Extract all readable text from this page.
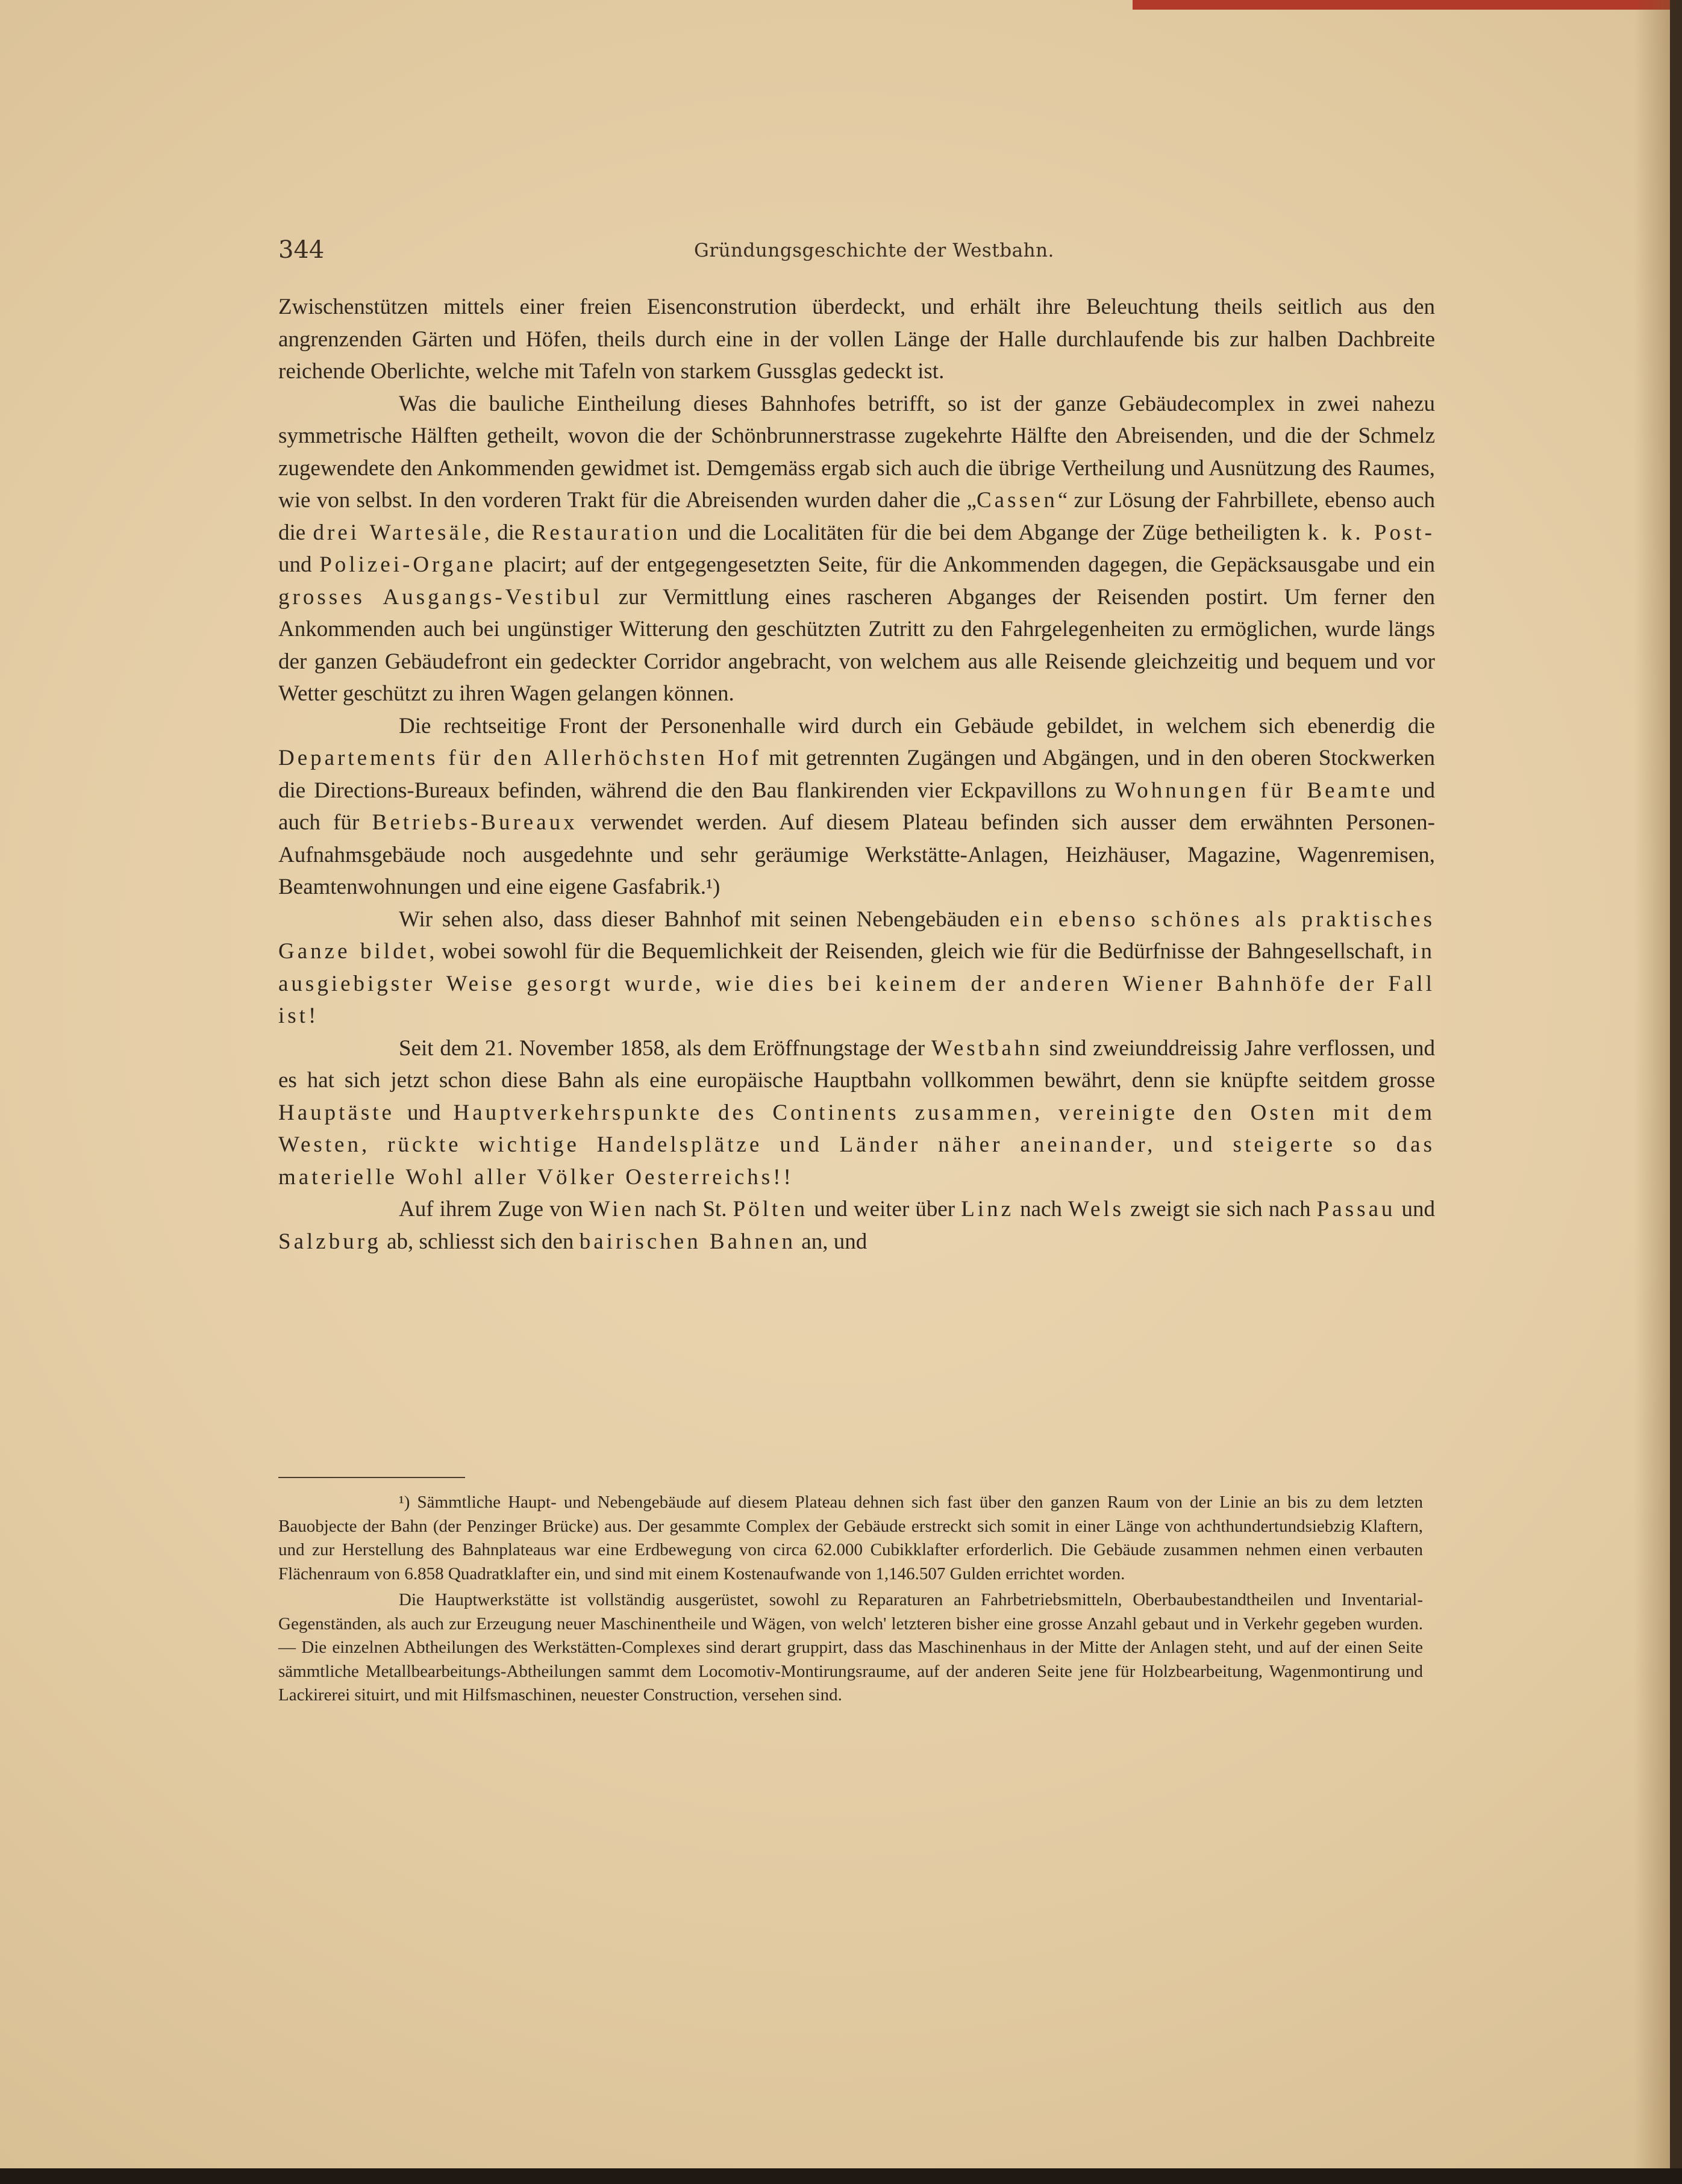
344	Gründungsgeschichte der Westbahn.

Zwischenstützen mittels einer freien Eisenconstrution überdeckt, und erhält ihre Beleuchtung theils seitlich aus den angrenzenden Gärten und Höfen, theils durch eine in der vollen Länge der Halle durchlaufende bis zur halben Dachbreite reichende Oberlichte, welche mit Tafeln von starkem Gussglas gedeckt ist.

Was die bauliche Eintheilung dieses Bahnhofes betrifft, so ist der ganze Gebäudecomplex in zwei nahezu symmetrische Hälften getheilt, wovon die der Schönbrunnerstrasse zugekehrte Hälfte den Abreisenden, und die der Schmelz zugewendete den Ankommenden gewidmet ist. Demgemäss ergab sich auch die übrige Vertheilung und Ausnützung des Raumes, wie von selbst. In den vorderen Trakt für die Abreisenden wurden daher die „Cassen“ zur Lösung der Fahrbillete, ebenso auch die drei Wartesäle, die Restauration und die Localitäten für die bei dem Abgange der Züge betheiligten k. k. Post- und Polizei-Organe placirt; auf der entgegengesetzten Seite, für die Ankommenden dagegen, die Gepäcksausgabe und ein grosses Ausgangs-Vestibul zur Vermittlung eines rascheren Abganges der Reisenden postirt. Um ferner den Ankommenden auch bei ungünstiger Witterung den geschützten Zutritt zu den Fahrgelegenheiten zu ermöglichen, wurde längs der ganzen Gebäudefront ein gedeckter Corridor angebracht, von welchem aus alle Reisende gleichzeitig und bequem und vor Wetter geschützt zu ihren Wagen gelangen können.

Die rechtseitige Front der Personenhalle wird durch ein Gebäude gebildet, in welchem sich ebenerdig die Departements für den Allerhöchsten Hof mit getrennten Zugängen und Abgängen, und in den oberen Stockwerken die Directions-Bureaux befinden, während die den Bau flankirenden vier Eckpavillons zu Wohnungen für Beamte und auch für Betriebs-Bureaux verwendet werden. Auf diesem Plateau befinden sich ausser dem erwähnten Personen-Aufnahmsgebäude noch ausgedehnte und sehr geräumige Werkstätte-Anlagen, Heizhäuser, Magazine, Wagenremisen, Beamtenwohnungen und eine eigene Gasfabrik.¹)

Wir sehen also, dass dieser Bahnhof mit seinen Nebengebäuden ein ebenso schönes als praktisches Ganze bildet, wobei sowohl für die Bequemlichkeit der Reisenden, gleich wie für die Bedürfnisse der Bahngesellschaft, in ausgiebigster Weise gesorgt wurde, wie dies bei keinem der anderen Wiener Bahnhöfe der Fall ist!

Seit dem 21. November 1858, als dem Eröffnungstage der Westbahn sind zweiunddreissig Jahre verflossen, und es hat sich jetzt schon diese Bahn als eine europäische Hauptbahn vollkommen bewährt, denn sie knüpfte seitdem grosse Hauptäste und Hauptverkehrspunkte des Continents zusammen, vereinigte den Osten mit dem Westen, rückte wichtige Handelsplätze und Länder näher aneinander, und steigerte so das materielle Wohl aller Völker Oesterreichs!!

Auf ihrem Zuge von Wien nach St. Pölten und weiter über Linz nach Wels zweigt sie sich nach Passau und Salzburg ab, schliesst sich den bairischen Bahnen an, und

¹) Sämmtliche Haupt- und Nebengebäude auf diesem Plateau dehnen sich fast über den ganzen Raum von der Linie an bis zu dem letzten Bauobjecte der Bahn (der Penzinger Brücke) aus. Der gesammte Complex der Gebäude erstreckt sich somit in einer Länge von achthundertundsiebzig Klaftern, und zur Herstellung des Bahnplateaus war eine Erdbewegung von circa 62.000 Cubikklafter erforderlich. Die Gebäude zusammen nehmen einen verbauten Flächenraum von 6.858 Quadratklafter ein, und sind mit einem Kostenaufwande von 1,146.507 Gulden errichtet worden.

Die Hauptwerkstätte ist vollständig ausgerüstet, sowohl zu Reparaturen an Fahrbetriebsmitteln, Oberbaubestandtheilen und Inventarial-Gegenständen, als auch zur Erzeugung neuer Maschinentheile und Wägen, von welch' letzteren bisher eine grosse Anzahl gebaut und in Verkehr gegeben wurden. — Die einzelnen Abtheilungen des Werkstätten-Complexes sind derart gruppirt, dass das Maschinenhaus in der Mitte der Anlagen steht, und auf der einen Seite sämmtliche Metallbearbeitungs-Abtheilungen sammt dem Locomotiv-Montirungsraume, auf der anderen Seite jene für Holzbearbeitung, Wagenmontirung und Lackirerei situirt, und mit Hilfsmaschinen, neuester Construction, versehen sind.
